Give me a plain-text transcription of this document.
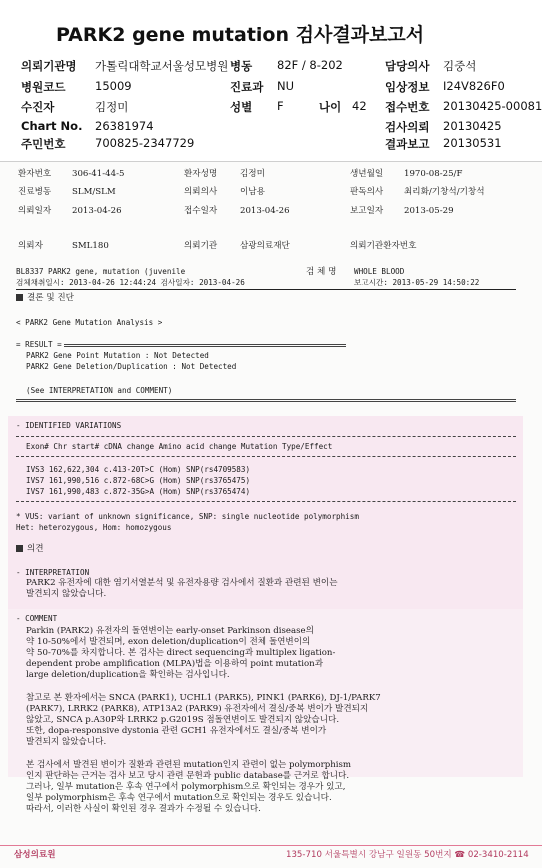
PARK2 gene mutation 검사결과보고서
의뢰기관명 가톨릭대학교서울성모병원 병동 82F / 8-202	담당의사 김중석
병원코드	15009	진료과 NU	임상정보 I24V826F0
수진자	김정미	성별 F	나이 42 접수번호 20130425-00081
Chart No. 26381974	검사의뢰 20130425
주민번호	700825-2347729	결과보고 20130531
환자번호 306-41-44-5	환자성명	김정미	생년월일 1970-08-25/F
진료병동 SLM/SLM	의뢰의사	이남용	판독의사 최리화/기창석/기창석
의뢰일자 2013-04-26	접수일자	2013-04-26	보고일자 2013-05-29
의뢰자	SML180	의뢰기관	삼광의료재단	의뢰기관환자번호
BL8337 PARK2 gene, mutation (juvenile	검 체 명 WHOLE BLOOD
검체채취일시: 2013-04-26 12:44:24 검사일자: 2013-04-26	보고시간: 2013-05-29 14:50:22
결론 및 진단
< PARK2 Gene Mutation Analysis >
= RESULT =
PARK2 Gene Point Mutation : Not Detected
PARK2 Gene Deletion/Duplication : Not Detected
(See INTERPRETATION and COMMENT)
- IDENTIFIED VARIATIONS
Exon# Chr start# cDNA change Amino acid change Mutation Type/Effect
IVS3 162,622,304 c.413-20T>C (Hom) SNP(rs4709583)
IVS7 161,990,516 c.872-68C>G (Hom) SNP(rs3765475)
IVS7 161,990,483 c.872-35G>A (Hom) SNP(rs3765474)
* VUS: variant of unknown significance, SNP: single nucleotide polymorphism
Het: heterozygous, Hom: homozygous
의견
- INTERPRETATION
PARK2 유전자에 대한 염기서열분석 및 유전자용량 검사에서 질환과 관련된 변이는
발견되지 않았습니다.
- COMMENT
Parkin (PARK2) 유전자의 돌연변이는 early-onset Parkinson disease의
약 10-50%에서 발견되며, exon deletion/duplication이 전체 돌연변이의
약 50-70%를 차지합니다. 본 검사는 direct sequencing과 multiplex ligation-
dependent probe amplification (MLPA)법을 이용하여 point mutation과
large deletion/duplication을 확인하는 검사입니다.
참고로 본 환자에서는 SNCA (PARK1), UCHL1 (PARK5), PINK1 (PARK6), DJ-1/PARK7
(PARK7), LRRK2 (PARK8), ATP13A2 (PARK9) 유전자에서 결실/중복 변이가 발견되지
않았고, SNCA p.A30P와 LRRK2 p.G2019S 점돌연변이도 발견되지 않았습니다.
또한, dopa-responsive dystonia 관련 GCH1 유전자에서도 결실/중복 변이가
발견되지 않았습니다.
본 검사에서 발견된 변이가 질환과 관련된 mutation인지 관련이 없는 polymorphism
인지 판단하는 근거는 검사 보고 당시 관련 문헌과 public database를 근거로 합니다.
그러나, 일부 mutation은 후속 연구에서 polymorphism으로 확인되는 경우가 있고,
일부 polymorphism은 후속 연구에서 mutation으로 확인되는 경우도 있습니다.
따라서, 이러한 사실이 확인된 경우 결과가 수정될 수 있습니다.
삼성의료원	135-710 서울특별시 강남구 일원동 50번지 ☎ 02-3410-2114
